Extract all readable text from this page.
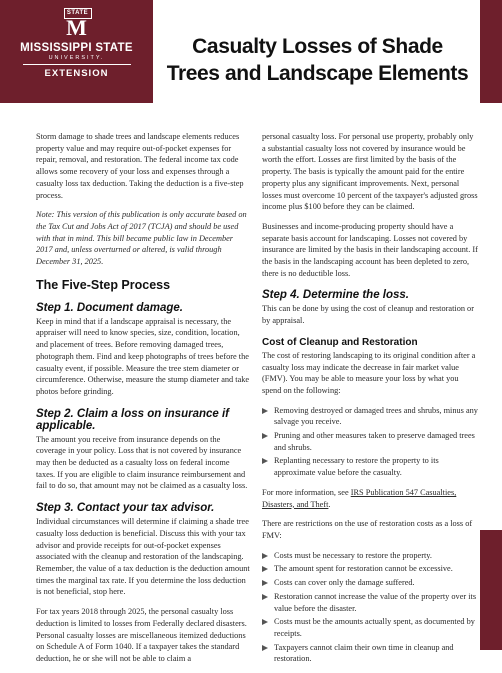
STATE
M
MISSISSIPPI STATE
UNIVERSITY.
EXTENSION
Casualty Losses of Shade
Trees and Landscape Elements

Storm damage to shade trees and landscape elements reduces property value and may require out-of-pocket expenses for repair, removal, and restoration. The federal income tax code allows some recovery of your loss and expenses through a casualty loss tax deduction. Taking the deduction is a five-step process.

Note: This version of this publication is only accurate based on the Tax Cut and Jobs Act of 2017 (TCJA) and should be used with that in mind. This bill became public law in December 2017 and, unless overturned or altered, is valid through December 31, 2025.

The Five-Step Process
Step 1. Document damage.

Keep in mind that if a landscape appraisal is necessary, the appraiser will need to know species, size, condition, location, and placement of trees. Before removing damaged trees, photograph them. Find and keep photographs of trees before the casualty event, if possible. Measure the tree stem diameter or circumference. Otherwise, measure the stump diameter and take photos before grinding.

Step 2. Claim a loss on insurance if applicable.

The amount you receive from insurance depends on the coverage in your policy. Loss that is not covered by insurance may then be deducted as a casualty loss on federal income taxes. If you are eligible to claim insurance reimbursement and fail to do so, that amount may not be claimed as a casualty loss.

Step 3. Contact your tax advisor.

Individual circumstances will determine if claiming a shade tree casualty loss deduction is beneficial. Discuss this with your tax advisor and provide receipts for out-of-pocket expenses associated with the cleanup and restoration of the landscaping. Remember, the value of a tax deduction is the deduction amount times the marginal tax rate. If you determine the loss deduction is not beneficial, stop here.

For tax years 2018 through 2025, the personal casualty loss deduction is limited to losses from Federally declared disasters. Personal casualty losses are miscellaneous itemized deductions on Schedule A of Form 1040. If a taxpayer takes the standard deduction, he or she will not be able to claim a

personal casualty loss. For personal use property, probably only a substantial casualty loss not covered by insurance would be worth the effort. Losses are first limited by the basis of the property. The basis is typically the amount paid for the entire property plus any significant improvements. Next, personal losses must overcome 10 percent of the taxpayer's adjusted gross income plus $100 before they can be claimed.

Businesses and income-producing property should have a separate basis account for landscaping. Losses not covered by insurance are limited by the basis in their landscaping account. If the basis in the landscaping account has been depleted to zero, there is no deductible loss.

Step 4. Determine the loss.

This can be done by using the cost of cleanup and restoration or by appraisal.

Cost of Cleanup and Restoration

The cost of restoring landscaping to its original condition after a casualty loss may indicate the decrease in fair market value (FMV). You may be able to measure your loss by what you spend on the following:

Removing destroyed or damaged trees and shrubs, minus any salvage you receive.
Pruning and other measures taken to preserve damaged trees and shrubs.
Replanting necessary to restore the property to its approximate value before the casualty.

For more information, see IRS Publication 547 Casualties, Disasters, and Theft.

There are restrictions on the use of restoration costs as a loss of FMV:

Costs must be necessary to restore the property.
The amount spent for restoration cannot be excessive.
Costs can cover only the damage suffered.
Restoration cannot increase the value of the property over its value before the disaster.
Costs must be the amounts actually spent, as documented by receipts.
Taxpayers cannot claim their own time in cleanup and restoration.
